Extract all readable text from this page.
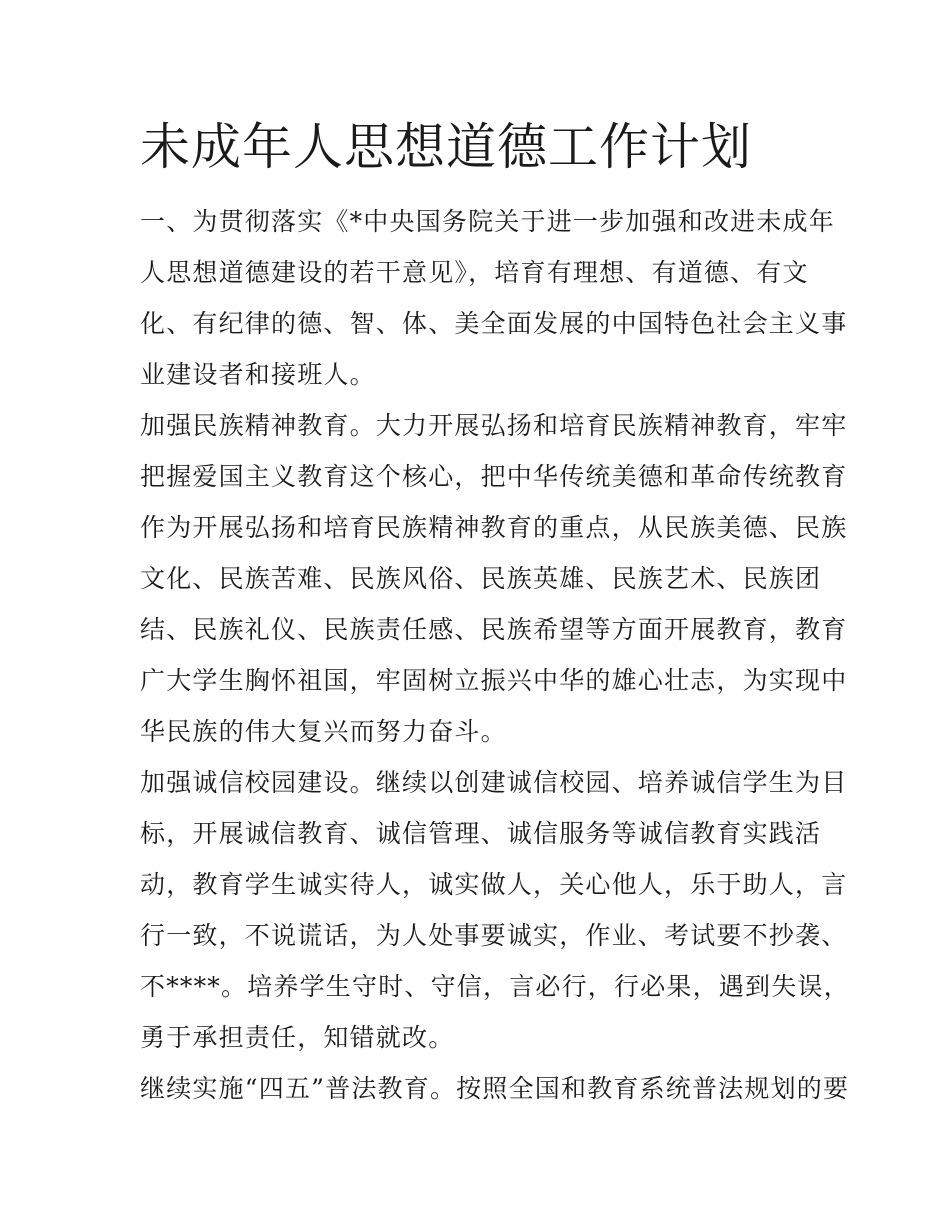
未成年人思想道德工作计划
一、为贯彻落实《*中央国务院关于进一步加强和改进未成年
人思想道德建设的若干意见》，培育有理想、有道德、有文
化、有纪律的德、智、体、美全面发展的中国特色社会主义事
业建设者和接班人。
加强民族精神教育。大力开展弘扬和培育民族精神教育，牢牢
把握爱国主义教育这个核心，把中华传统美德和革命传统教育
作为开展弘扬和培育民族精神教育的重点，从民族美德、民族
文化、民族苦难、民族风俗、民族英雄、民族艺术、民族团
结、民族礼仪、民族责任感、民族希望等方面开展教育，教育
广大学生胸怀祖国，牢固树立振兴中华的雄心壮志，为实现中
华民族的伟大复兴而努力奋斗。
加强诚信校园建设。继续以创建诚信校园、培养诚信学生为目
标，开展诚信教育、诚信管理、诚信服务等诚信教育实践活
动，教育学生诚实待人，诚实做人，关心他人，乐于助人，言
行一致，不说谎话，为人处事要诚实，作业、考试要不抄袭、
不****。培养学生守时、守信，言必行，行必果，遇到失误，
勇于承担责任，知错就改。
继续实施“四五”普法教育。按照全国和教育系统普法规划的要
